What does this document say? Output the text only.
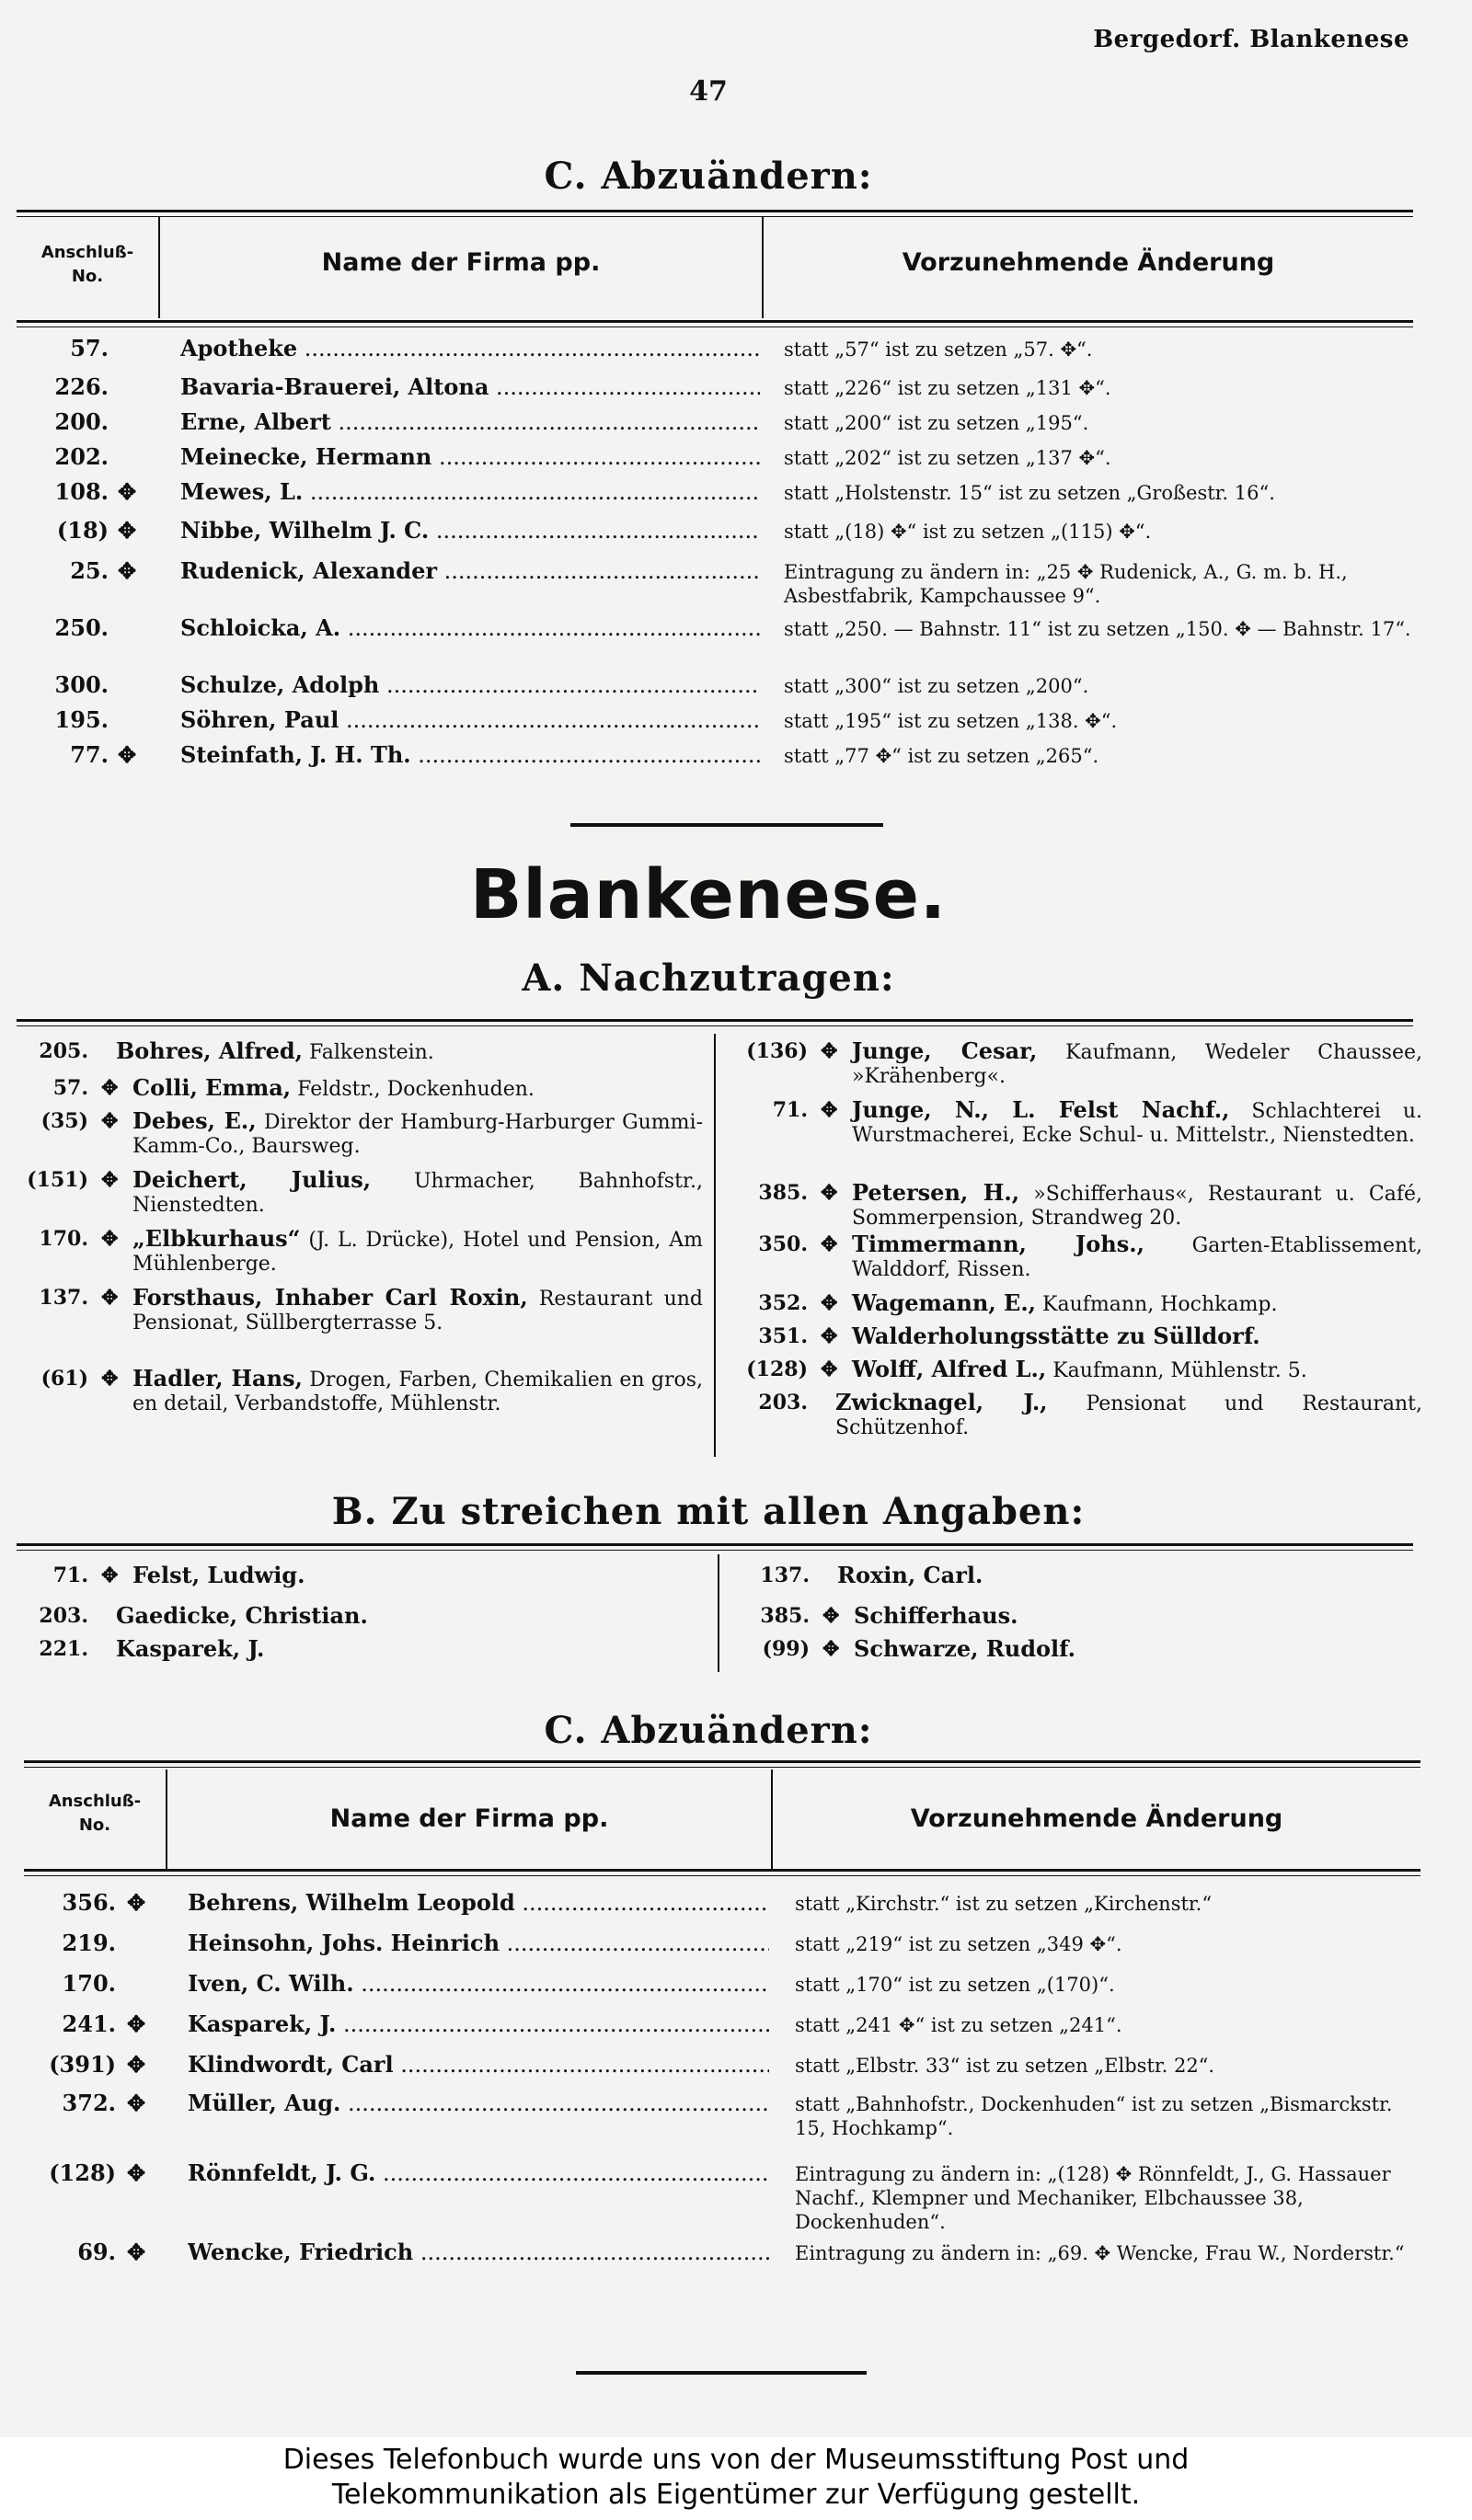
Bergedorf. Blankenese
47
C. Abzuändern:
Anschluß-
No.	Name der Firma pp.	Vorzunehmende Änderung
57.	Apotheke .....	statt „57“ ist zu setzen „57. ✥“.
226.	Bavaria-Brauerei, Altona .....	statt „226“ ist zu setzen „131 ✥“.
200.	Erne, Albert .....	statt „200“ ist zu setzen „195“.
202.	Meinecke, Hermann .....	statt „202“ ist zu setzen „137 ✥“.
108. ✥ Mewes, L. .....	statt „Holstenstr. 15“ ist zu setzen „Großestr. 16“.
(18) ✥ Nibbe, Wilhelm J. C. .....	statt „(18) ✥“ ist zu setzen „(115) ✥“.
25. ✥ Rudenick, Alexander .....	Eintragung zu ändern in: „25 ✥ Rudenick, A., G. m. b. H., Asbestfabrik, Kampchaussee 9“.
250.	Schloicka, A. .....	statt „250. — Bahnstr. 11“ ist zu setzen „150. ✥ — Bahnstr. 17“.
300.	Schulze, Adolph .....	statt „300“ ist zu setzen „200“.
195.	Söhren, Paul .....	statt „195“ ist zu setzen „138. ✥“.
77. ✥ Steinfath, J. H. Th. .....	statt „77 ✥“ ist zu setzen „265“.
Blankenese.
A. Nachzutragen:
205. Bohres, Alfred, Falkenstein.
57. ✥ Colli, Emma, Feldstr., Dockenhuden.
(35) ✥ Debes, E., Direktor der Hamburg-Harburger Gummi-Kamm-Co., Baursweg.
(151) ✥ Deichert, Julius, Uhrmacher, Bahnhofstr., Nienstedten.
170. ✥ „Elbkurhaus“ (J. L. Drücke), Hotel und Pension, Am Mühlenberge.
137. ✥ Forsthaus, Inhaber Carl Roxin, Restaurant und Pensionat, Süllbergterrasse 5.
(61) ✥ Hadler, Hans, Drogen, Farben, Chemikalien en gros, en detail, Verbandstoffe, Mühlenstr.
(136) ✥ Junge, Cesar, Kaufmann, Wedeler Chaussee, »Krähenberg«.
71. ✥ Junge, N., L. Felst Nachf., Schlachterei u. Wurstmacherei, Ecke Schul- u. Mittelstr., Nienstedten.
385. ✥ Petersen, H., »Schifferhaus«, Restaurant u. Café, Sommerpension, Strandweg 20.
350. ✥ Timmermann, Johs., Garten-Etablissement, Walddorf, Rissen.
352. ✥ Wagemann, E., Kaufmann, Hochkamp.
351. ✥ Walderholungsstätte zu Sülldorf.
(128) ✥ Wolff, Alfred L., Kaufmann, Mühlenstr. 5.
203. Zwicknagel, J., Pensionat und Restaurant, Schützenhof.
B. Zu streichen mit allen Angaben:
71. ✥ Felst, Ludwig.
203. Gaedicke, Christian.
221. Kasparek, J.
137. Roxin, Carl.
385. ✥ Schifferhaus.
(99) ✥ Schwarze, Rudolf.
C. Abzuändern:
Anschluß-
No.	Name der Firma pp.	Vorzunehmende Änderung
356. ✥ Behrens, Wilhelm Leopold .....	statt „Kirchstr.“ ist zu setzen „Kirchenstr.“
219.	Heinsohn, Johs. Heinrich .....	statt „219“ ist zu setzen „349 ✥“.
170.	Iven, C. Wilh. .....	statt „170“ ist zu setzen „(170)“.
241. ✥ Kasparek, J. .....	statt „241 ✥“ ist zu setzen „241“.
(391) ✥ Klindwordt, Carl .....	statt „Elbstr. 33“ ist zu setzen „Elbstr. 22“.
372. ✥ Müller, Aug. .....	statt „Bahnhofstr., Dockenhuden“ ist zu setzen „Bismarckstr. 15, Hochkamp“.
(128) ✥ Rönnfeldt, J. G. .....	Eintragung zu ändern in: „(128) ✥ Rönnfeldt, J., G. Hassauer Nachf., Klempner und Mechaniker, Elbchaussee 38, Dockenhuden“.
69. ✥ Wencke, Friedrich .....	Eintragung zu ändern in: „69. ✥ Wencke, Frau W., Norderstr.“
Dieses Telefonbuch wurde uns von der Museumsstiftung Post und
Telekommunikation als Eigentümer zur Verfügung gestellt.
